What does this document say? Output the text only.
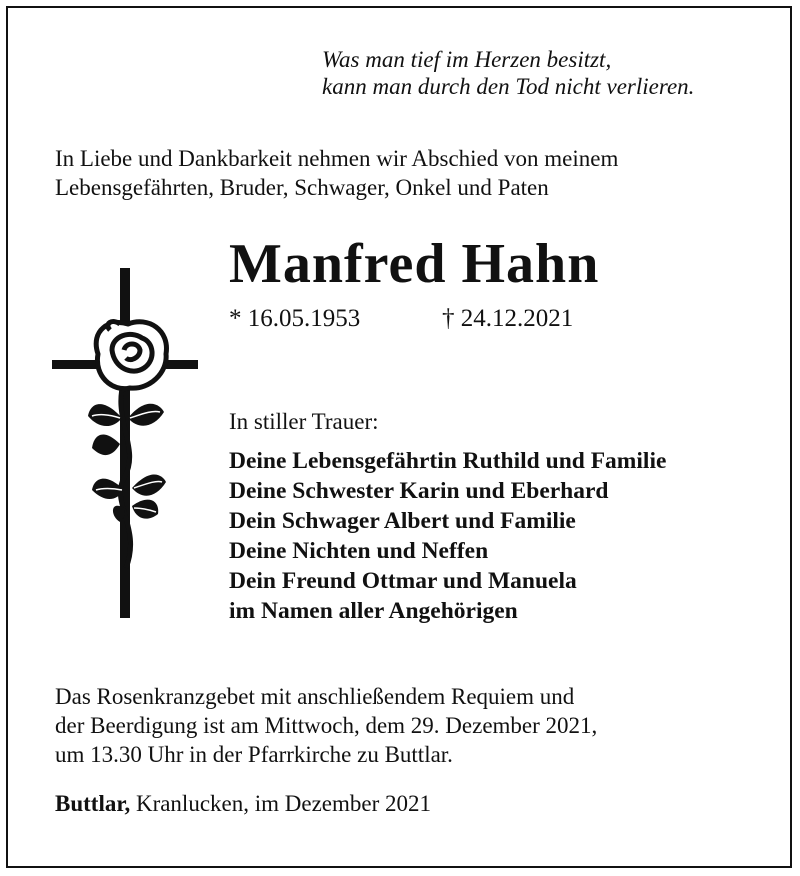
Was man tief im Herzen besitzt,
kann man durch den Tod nicht verlieren.
In Liebe und Dankbarkeit nehmen wir Abschied von meinem
Lebensgefährten, Bruder, Schwager, Onkel und Paten
Manfred Hahn
* 16.05.1953	† 24.12.2021
In stiller Trauer:
Deine Lebensgefährtin Ruthild und Familie
Deine Schwester Karin und Eberhard
Dein Schwager Albert und Familie
Deine Nichten und Neffen
Dein Freund Ottmar und Manuela
im Namen aller Angehörigen
Das Rosenkranzgebet mit anschließendem Requiem und
der Beerdigung ist am Mittwoch, dem 29. Dezember 2021,
um 13.30 Uhr in der Pfarrkirche zu Buttlar.
Buttlar, Kranlucken, im Dezember 2021
